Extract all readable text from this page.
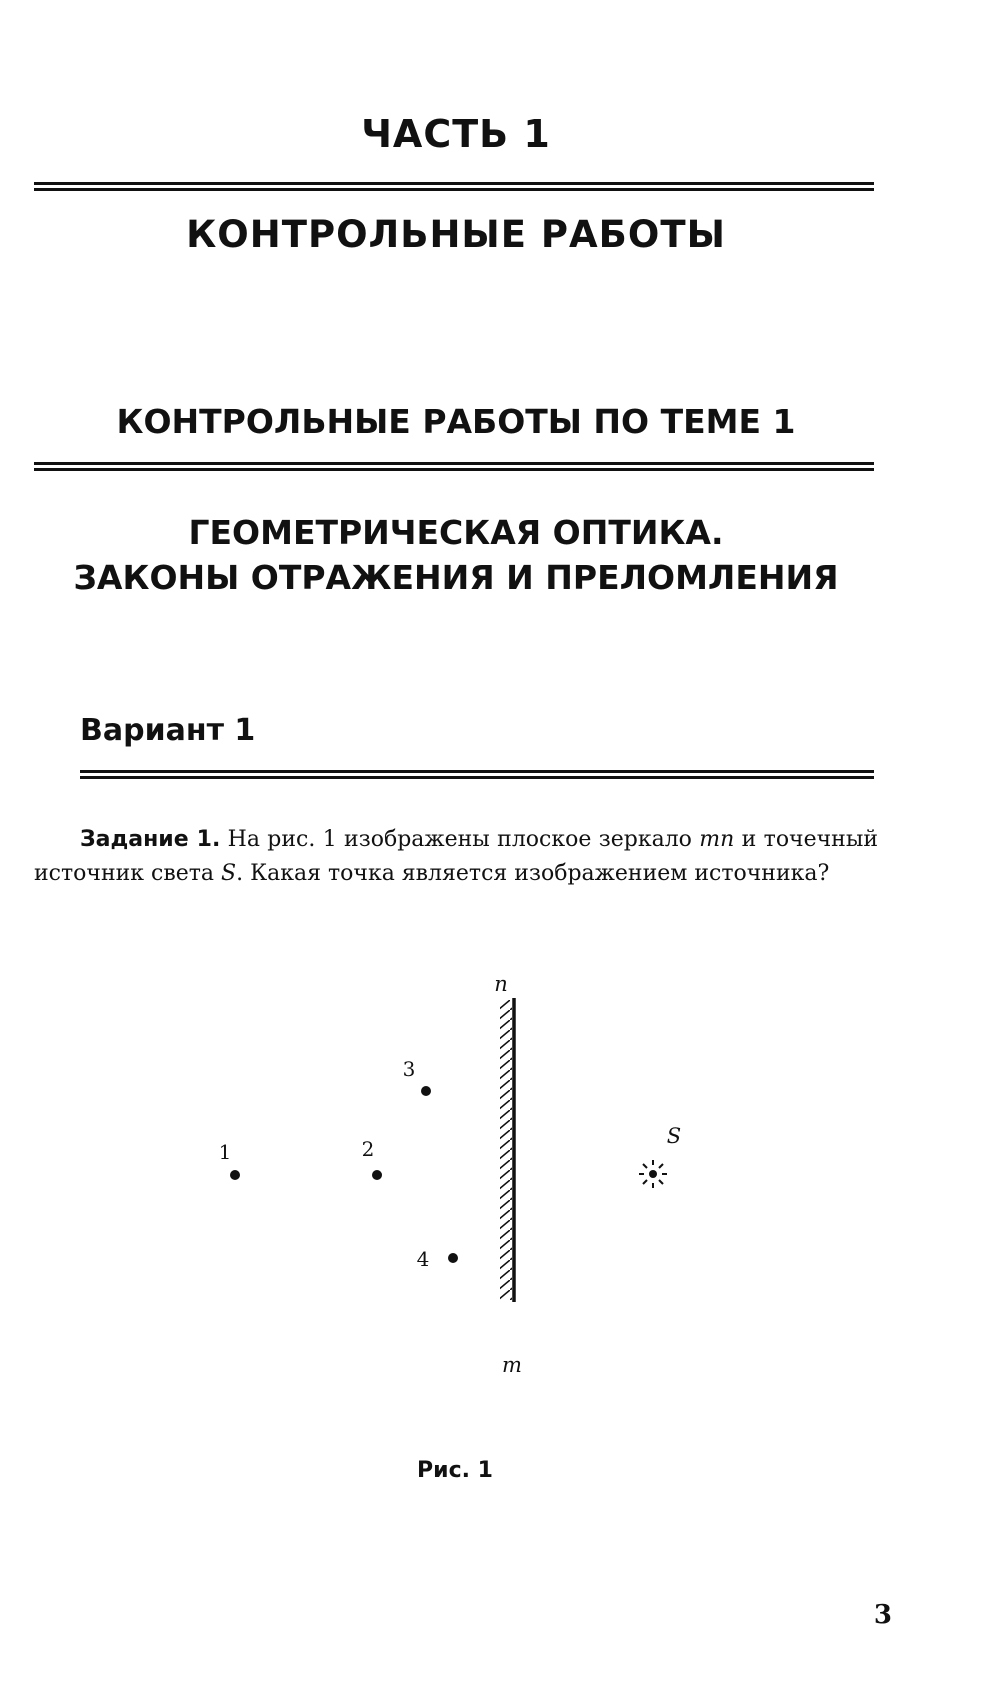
ЧАСТЬ 1
КОНТРОЛЬНЫЕ РАБОТЫ
КОНТРОЛЬНЫЕ РАБОТЫ ПО ТЕМЕ 1
ГЕОМЕТРИЧЕСКАЯ ОПТИКА.
ЗАКОНЫ ОТРАЖЕНИЯ И ПРЕЛОМЛЕНИЯ
Вариант 1
Задание 1. На рис. 1 изображены плоское зеркало mn и точечный источник света S. Какая точка является изображением источника?
n
m
1	2
3
4
S
Рис. 1
3
